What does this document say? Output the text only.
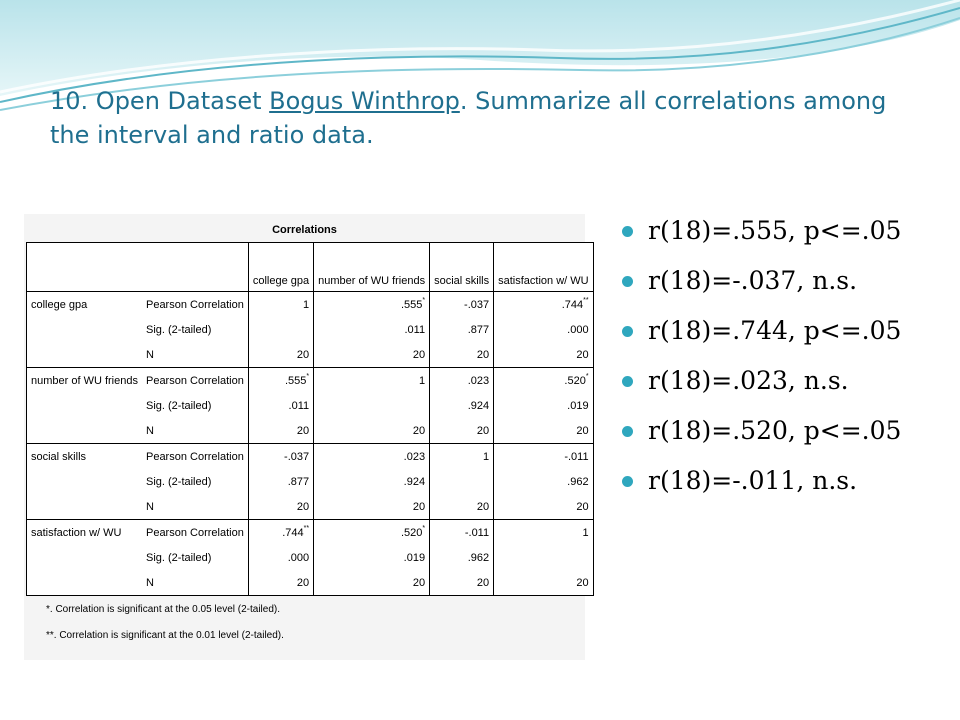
10. Open Dataset Bogus Winthrop. Summarize all correlations among the interval and ratio data.
Correlations
		college gpa	number of WU friends	social skills	satisfaction w/ WU
college gpa	Pearson Correlation	1	.555*	-.037	.744**
	Sig. (2-tailed)		.011	.877	.000
	N	20	20	20	20
number of WU friends	Pearson Correlation	.555*	1	.023	.520*
	Sig. (2-tailed)	.011		.924	.019
	N	20	20	20	20
social skills	Pearson Correlation	-.037	.023	1	-.011
	Sig. (2-tailed)	.877	.924		.962
	N	20	20	20	20
satisfaction w/ WU	Pearson Correlation	.744**	.520*	-.011	1
	Sig. (2-tailed)	.000	.019	.962	
	N	20	20	20	20
*. Correlation is significant at the 0.05 level (2-tailed).
**. Correlation is significant at the 0.01 level (2-tailed).
r(18)=.555, p<=.05
r(18)=-.037, n.s.
r(18)=.744, p<=.05
r(18)=.023, n.s.
r(18)=.520, p<=.05
r(18)=-.011, n.s.
